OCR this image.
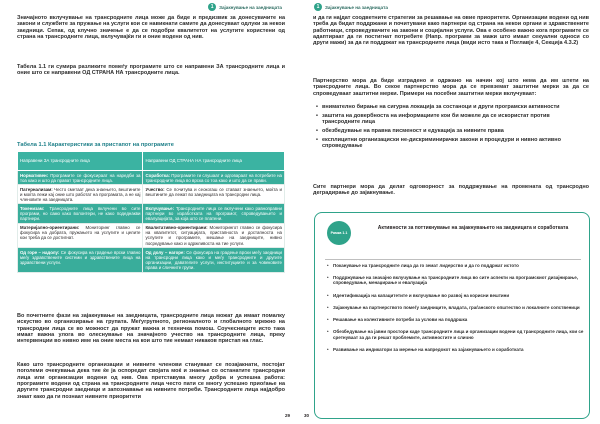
1	Зајакнување на заедницата

Значајното вклучување на трансродните лица може да биде и предизвик за донесувачите на закони и службите за пружање на услуги кои се навикнати самите да донесуваат одлуки за некои заедници. Сепак, од клучно значење е да се подобри квалитетот на услугите користени од страна на трансродните лица, вклучувајќи ги и оние водени од нив.

Табела 1.1 ги сумира разликите помеѓу програмите што се направени ЗА трансродните лица и оние што се направени ОД СТРАНА НА трансродните лица.

Табела 1.1 Карактеристики за пристапот на програмите

Направени ЗА трансродните лица	Направени ОД СТРАНА НА трансродните лица
Нормативен: Програмите се фокусираат на нарeдби за тоа како и што да прават трансродните лица.	Соработка: Програмите ги слушаат и одговараат на потребите на трансродните лица во врска со тоа како и што да се прави.
Патернализам: Често сметаат дека знаењето, вештините и моќта лежи кај оние што работат на програмата, а не кај членовите на заедницата.	Учество: Се почитува и сеокогаш се ставаат знаењето, моќта и вештините да лежат во заедницата на трансродни лица.
Токенизам: Трансродните лица вклучени во сите програми, но само како волонтери, не како подеднакви партнери.	Вклучување: Трансродните лица се вклучени како равноправни партнери во изработката на програмот, спроведувањето и евалуацијата, за која што се платени.
Материјално-ориентирани: Мониторинг главно се фокусира на добрата, пружањето на услугите и целите кои треба да се достигнат.	Квалитативно-ориентирани: Мониторингот главно се фокусира на квалитетот, ситуацијата, пристапноста и достапноста на услугите и програмите, мешање на заедниците, нивно посредување како и одржливоста на тие услуги.
Од горе – надолу: Се фокусира на градење врски главно меѓу здравствените системи и здравствените лица на здравствени услуги.	Од долу – нагоре: Се фокусира на градење врски меѓу заедници на трансродни лица како и меѓу трансродните и другите организации, давателите услуги, институциите и за човековите права и сличните групи.

Во почетните фази на зајакнување на заедницата, трансродните лица можат да имаат помалку искуство во организирање на групата. Меѓугрупното, регионалното и глобалното мрежно на трансродни лица се во можност да пружат важна и техничка помош. Соучесниците исто така имаат важна улога во олеснување на значајното учество на трансродните лица, преку интервенции во нивно име на оние места на кои што тие немаат никаков пристап на глас.

Како што трансродните организации и нивните членови стануваат се позајакнати, постојат поголеми очекувања дека тие ќе ја оспоредат својата моќ и знаење со останатите трансродни лица или организации водени од нив. Ова претставува многу добра и успешна работа: програмите водени од страна на трансродните лица често пати се многу успешно приоѓање на другите трансродни заедници и запознавање на нивните потреби. Трансродните лица најдобро знаат како да ги познаат нивните приоритети

29
1	Зајакнување на заедницата

и да ги најдат соодветните стратегии за решавање на овие приоритети. Организации водени од нив треба да бидат поддржани и почитувани како партнери од страна на некои органи и здравствените работници, спроведувачите на закони и социјални услуги. Ова е особено важно кога програмите се адаптираат да ги постигнат потребите (Напр. програми за мажи што имаат секуални односи со други мажи) за да ги поддржат на трансродните лица (види исто така и Поглавје 4, Секција 4.3.2)

Партнерство мора да биде изградено и одржано на начин кој што нема да им штети на трансродните лица. Во секое партнерство мора да се превземат заштитни мерки за да се спроведуваат заштитни мерки. Примери на посебни заштитни мерки вклучуваат:

• внимателно бирање на сигурна локација за состаноци и други програмски активности
• заштита на довербноста на информациите кои би можеле да се искористат против трансродните лица
• обезбедување на правна писменост и едукација за нивните права
• експлицитни организациски не-дискриминирачки закони и процедури и нивно активно спроведување

Сите партнери мора да делат одговорност за поддржување на промената од трансродно деградирање до зајакнување.

Рамка 1.1
Активности за поттикнување на зајакнувањето на заедницата и соработката
• Поканување на трансродните лица да го земат лидерство и да го поддржат истото
• Поддржување на значајно вклучување на трансродните лица во сите аспекти на програмскиот дизајнирање, спроведување, менаџирање и евалуација
• Идентификација на капацитетите и вклучување во развој на корисни вештини
• Зајакнување на партнерството помеѓу заедниците, владата, граѓанското општество и локалните сопственици
• Решавање на колективните потреби за услови на поддршка
• Обезбедување на јавни простори каде трансродните лица и организации водени од трансродните лица, кои се сретнуваат за да ги решат проблемите, активностите и слично
• Развивање на индикатори за мерење на напредокот на зајакнувањето и соработката
30
